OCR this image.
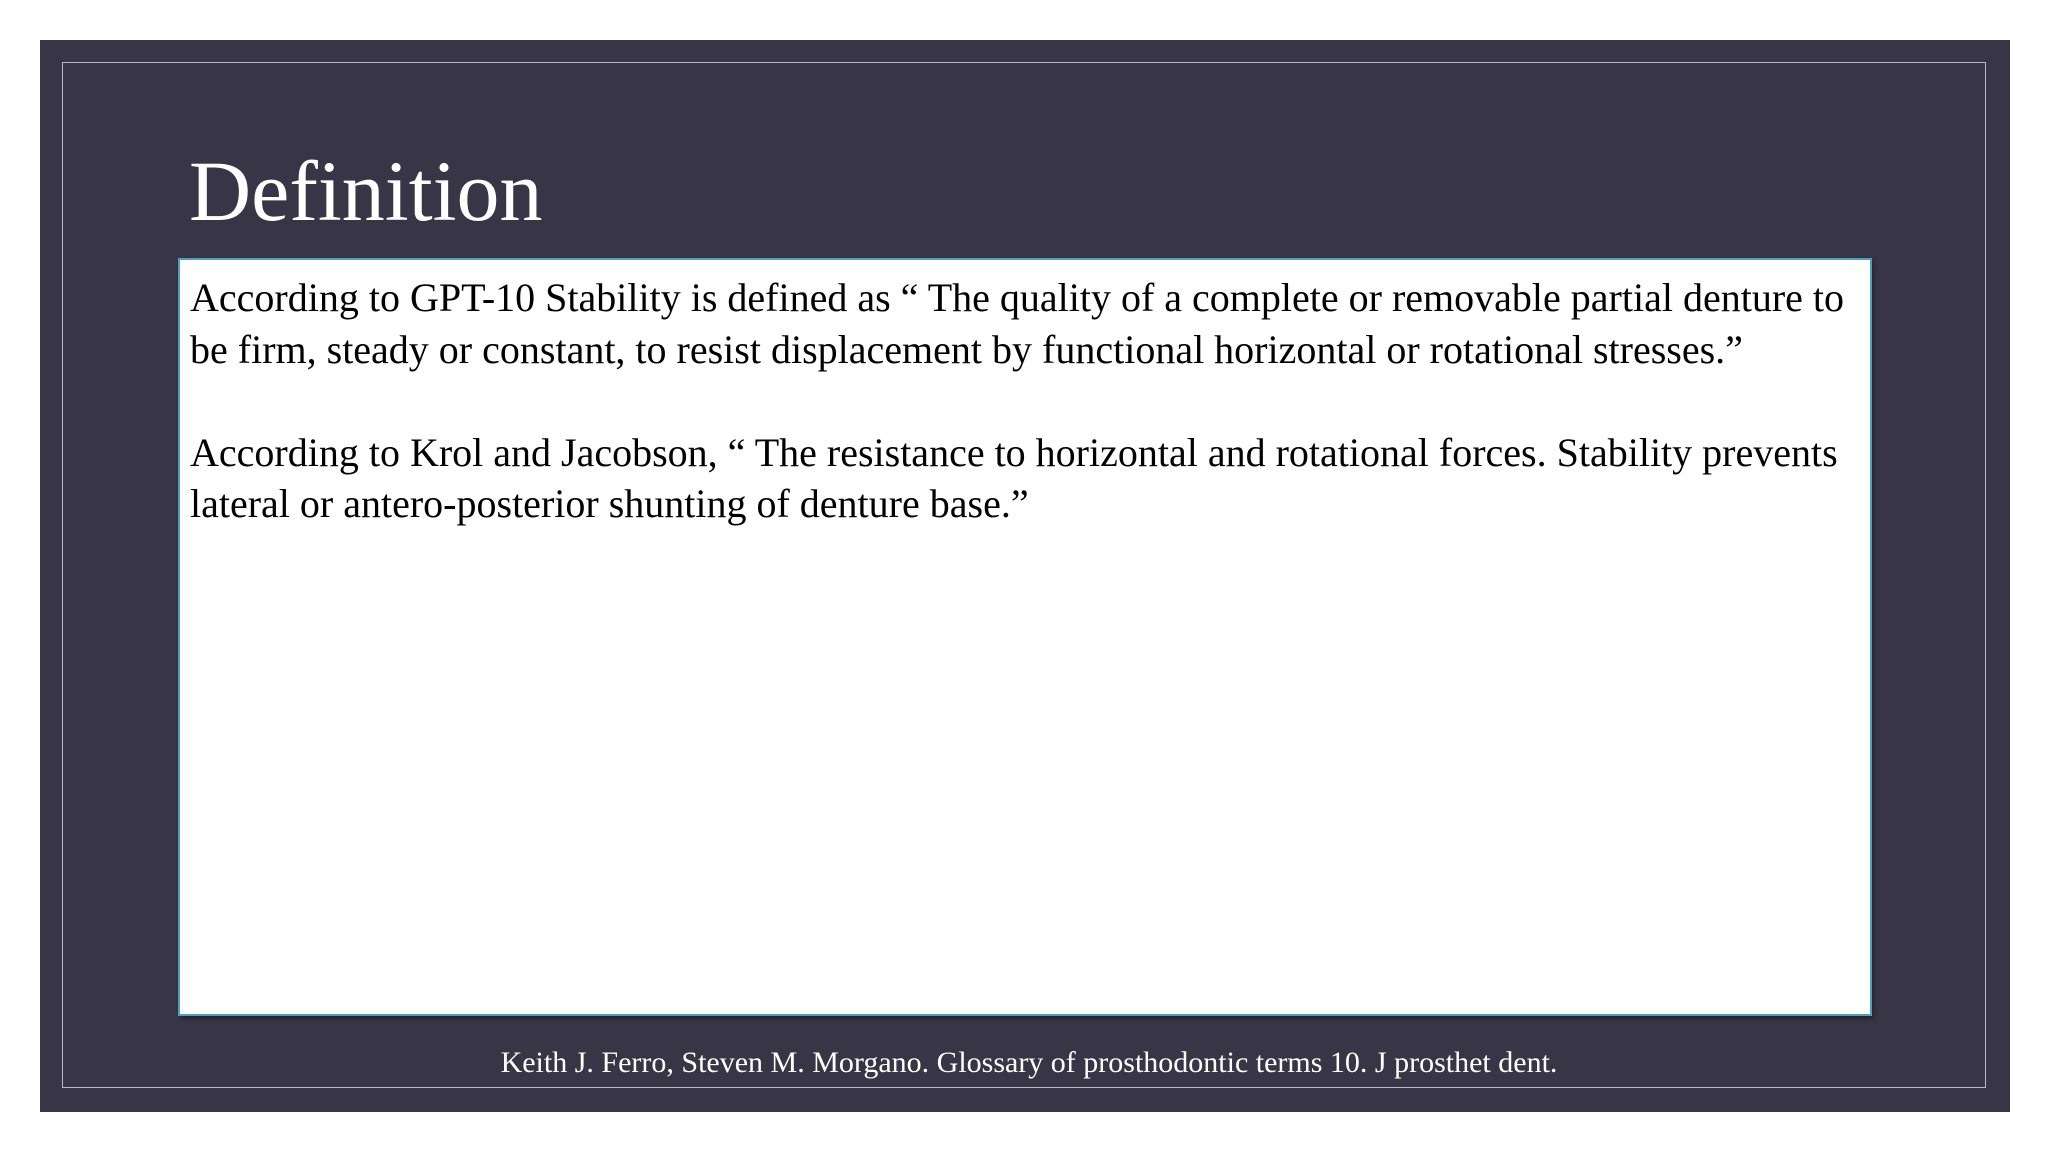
Definition

According to GPT-10 Stability is defined as “ The quality of a complete or removable partial denture to be firm, steady or constant, to resist displacement by functional horizontal or rotational stresses.”

According to Krol and Jacobson, “ The resistance to horizontal and rotational forces. Stability prevents lateral or antero-posterior shunting of denture base.”

Keith J. Ferro, Steven M. Morgano. Glossary of prosthodontic terms 10. J prosthet dent.
